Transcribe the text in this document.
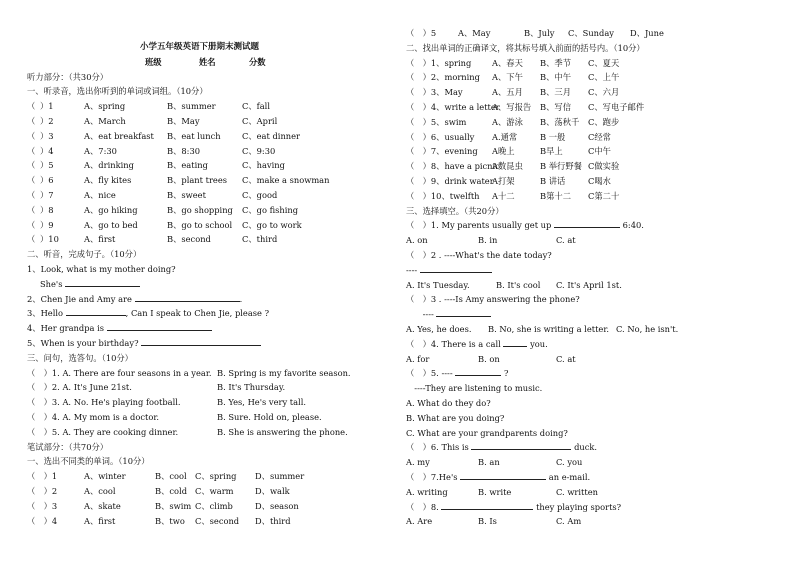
小学五年级英语下册期末测试题
班级	姓名	分数
听力部分：（共30分）
一、听录音，选出你听到的单词或词组。（10分）
（ ）1	A、spring	B、summer	C、fall
（ ）2	A、March	B、May	C、April
（ ）3	A、eat breakfast B、eat lunch	C、eat dinner
（ ）4	A、7:30	B、8:30	C、9:30
（ ）5	A、drinking	B、eating	C、having
（ ）6	A、fly kites	B、plant trees C、make a snowman
（ ）7	A、nice	B、sweet	C、good
（ ）8	A、go hiking	B、go shopping C、go fishing
（ ）9	A、go to bed	B、go to school C、go to work
（ ）10	A、first	B、second	C、third
二、听音，完成句子。（10分）
1、Look, what is my mother doing?
She's
2、Chen Jie and Amy are	.
3、Hello	, Can I speak to Chen Jie, please ?
4、Her grandpa is
5、When is your birthday?
三、问句，选答句。（10分）
（　）1. A. There are four seasons in a year. B. Spring is my favorite season.
（　）2. A. It's June 21st.	B. It's Thursday.
（　）3. A. No. He's playing football.	B. Yes, He's very tall.
（　）4. A. My mom is a doctor.	B. Sure. Hold on, please.
（　）5. A. They are cooking dinner.	B. She is answering the phone.
笔试部分：（共70分）
一、选出不同类的单词。（10分）
（　）1	A、winter	B、cool C、spring D、summer
（　）2	A、cool	B、cold C、warm	D、walk
（　）3	A、skate	B、swim C、climb	D、season
（　）4	A、first	B、two C、second D、third
（　）5	A、May	B、July C、Sunday D、June
二、找出单词的正确译文，将其标号填入前面的括号内。（10分）
（　）1、spring A、春天 B、季节 C、夏天
（　）2、morning A、下午 B、中午 C、上午
（　）3、May	A、五月 B、三月 C、六月
（　）4、write a letter
A、写报告 B、写信 C、写电子邮件
（　）5、swim	A、游泳 B、荡秋千 C、跑步
（　）6、usually A.通常	B 一般	C经常
（　）7、evening A晚上	B早上	C中午
（　）8、have a picnic
A数昆虫 B 举行野餐 C做实验
（　）9、drink water
A打架	B 讲话	C喝水
（　）10、twelfth A十二	B第十二 C第二十
三、选择填空。（共20分）
（　）1. My parents usually get up	6:40.
A. on	B. in	C. at
（　）2 . ----What's the date today?
----
A. It's Tuesday.	B. It's cool C. It's April 1st.
（　）3 . ----Is Amy answering the phone?
　　----
A. Yes, he does. B. No, she is writing a letter. C. No, he isn't.
（　）4. There is a call	you.
A. for	B. on	C. at
（　）5. ----	?
　----They are listening to music.
A. What do they do?
B. What are you doing?
C. What are your grandparents doing?
（　）6. This is	duck.
A. my	B. an	C. you
（　）7.He's	an e-mail.
A. writing	B. write	C. written
（　）8.	they playing sports?
A. Are	B. Is	C. Am
